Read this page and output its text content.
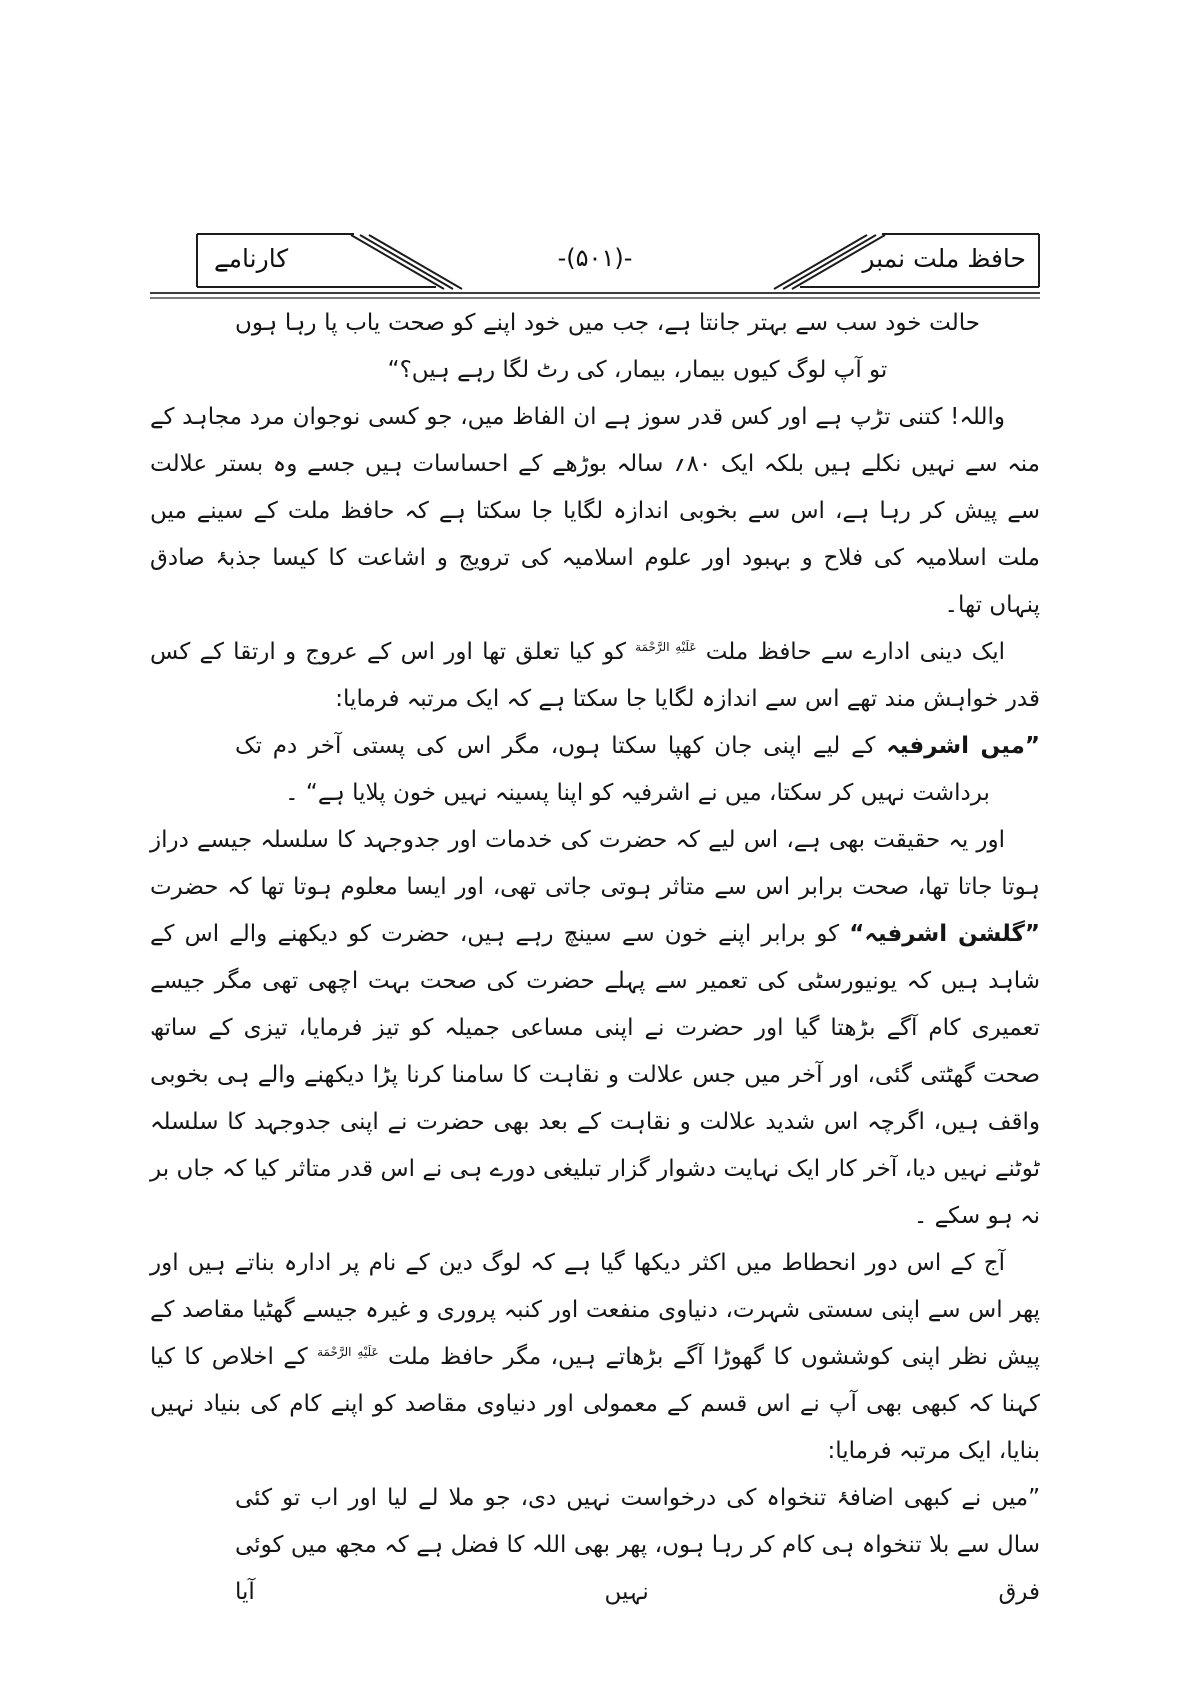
کارنامے	-(۵۰۱)-	حافظ ملت نمبر

حالت خود سب سے بہتر جانتا ہے، جب میں خود اپنے کو صحت یاب پا رہا ہوں تو آپ لوگ کیوں بیمار، بیمار، کی رٹ لگا رہے ہیں؟“

واللہ! کتنی تڑپ ہے اور کس قدر سوز ہے ان الفاظ میں، جو کسی نوجوان مرد مجاہد کے منہ سے نہیں نکلے ہیں بلکہ ایک ۸۰؍ سالہ بوڑھے کے احساسات ہیں جسے وہ بستر علالت سے پیش کر رہا ہے، اس سے بخوبی اندازہ لگایا جا سکتا ہے کہ حافظ ملت کے سینے میں ملت اسلامیہ کی فلاح و بہبود اور علوم اسلامیہ کی ترویج و اشاعت کا کیسا جذبۂ صادق پنہاں تھا۔

ایک دینی ادارے سے حافظ ملت $^{عَلَيْهِ الرَّحْمَة}$ کو کیا تعلق تھا اور اس کے عروج و ارتقا کے کس قدر خواہش مند تھے اس سے اندازہ لگایا جا سکتا ہے کہ ایک مرتبہ فرمایا:

”میں اشرفیہ کے لیے اپنی جان کھپا سکتا ہوں، مگر اس کی پستی آخر دم تک برداشت نہیں کر سکتا، میں نے اشرفیہ کو اپنا پسینہ نہیں خون پلایا ہے“ ۔

اور یہ حقیقت بھی ہے، اس لیے کہ حضرت کی خدمات اور جدوجہد کا سلسلہ جیسے دراز ہوتا جاتا تھا، صحت برابر اس سے متاثر ہوتی جاتی تھی، اور ایسا معلوم ہوتا تھا کہ حضرت ”گلشن اشرفیہ“ کو برابر اپنے خون سے سینچ رہے ہیں، حضرت کو دیکھنے والے اس کے شاہد ہیں کہ یونیورسٹی کی تعمیر سے پہلے حضرت کی صحت بہت اچھی تھی مگر جیسے تعمیری کام آگے بڑھتا گیا اور حضرت نے اپنی مساعی جمیلہ کو تیز فرمایا، تیزی کے ساتھ صحت گھٹتی گئی، اور آخر میں جس علالت و نقاہت کا سامنا کرنا پڑا دیکھنے والے ہی بخوبی واقف ہیں، اگرچہ اس شدید علالت و نقاہت کے بعد بھی حضرت نے اپنی جدوجہد کا سلسلہ ٹوٹنے نہیں دیا، آخر کار ایک نہایت دشوار گزار تبلیغی دورے ہی نے اس قدر متاثر کیا کہ جاں بر نہ ہو سکے ۔

آج کے اس دور انحطاط میں اکثر دیکھا گیا ہے کہ لوگ دین کے نام پر ادارہ بناتے ہیں اور پھر اس سے اپنی سستی شہرت، دنیاوی منفعت اور کنبہ پروری و غیرہ جیسے گھٹیا مقاصد کے پیش نظر اپنی کوششوں کا گھوڑا آگے بڑھاتے ہیں، مگر حافظ ملت $^{عَلَيْهِ الرَّحْمَة}$ کے اخلاص کا کیا کہنا کہ کبھی بھی آپ نے اس قسم کے معمولی اور دنیاوی مقاصد کو اپنے کام کی بنیاد نہیں بنایا، ایک مرتبہ فرمایا:

”میں نے کبھی اضافۂ تنخواہ کی درخواست نہیں دی، جو ملا لے لیا اور اب تو کئی سال سے بلا تنخواہ ہی کام کر رہا ہوں، پھر بھی اللہ کا فضل ہے کہ مجھ میں کوئی فرق نہیں آیا
